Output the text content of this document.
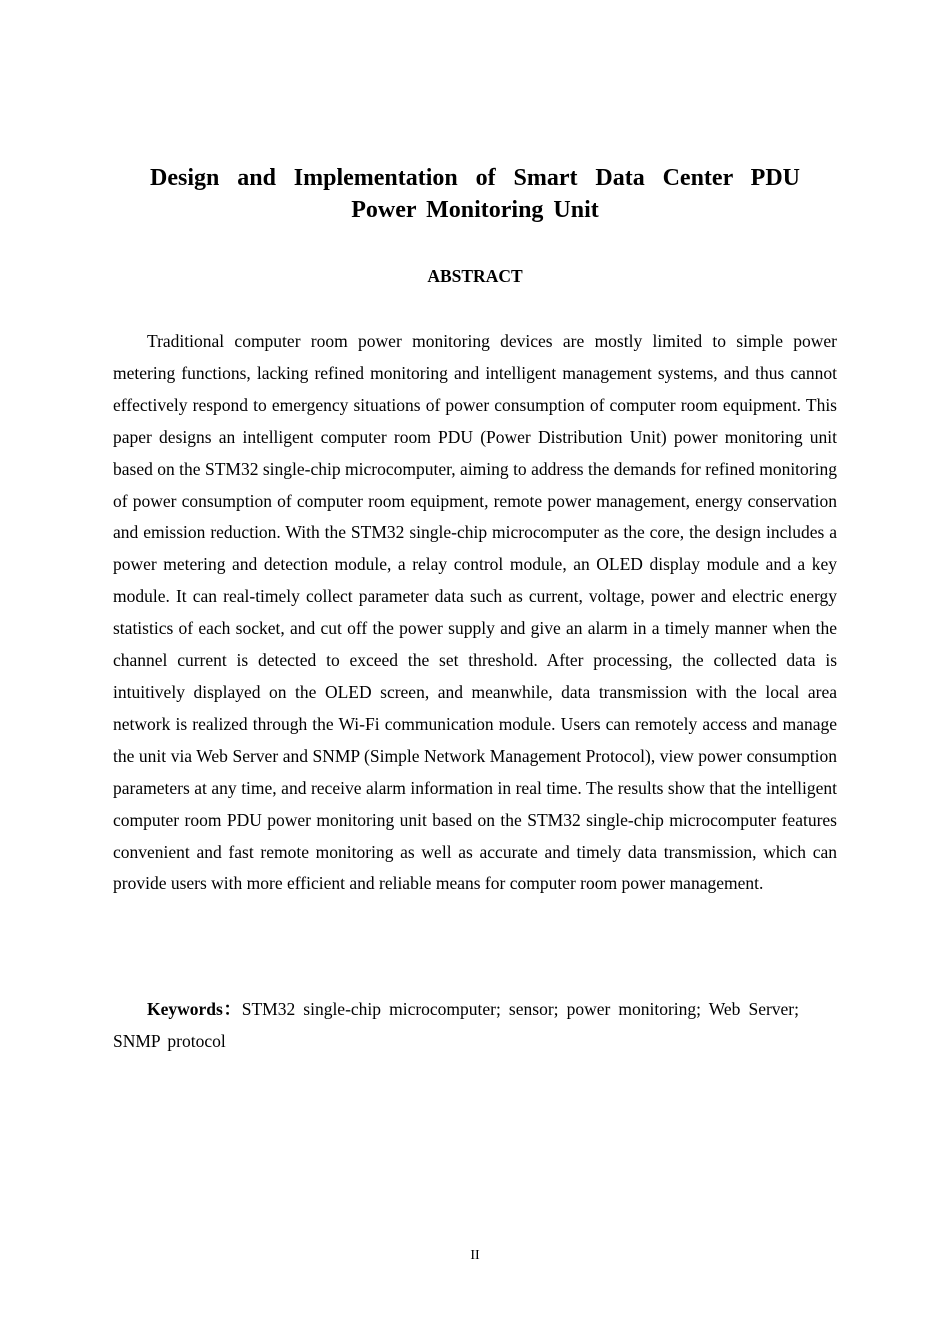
Design and Implementation of Smart Data Center PDU Power Monitoring Unit
ABSTRACT

Traditional computer room power monitoring devices are mostly limited to simple power metering functions, lacking refined monitoring and intelligent management systems, and thus cannot effectively respond to emergency situations of power consumption of computer room equipment. This paper designs an intelligent computer room PDU (Power Distribution Unit) power monitoring unit based on the STM32 single-chip microcomputer, aiming to address the demands for refined monitoring of power consumption of computer room equipment, remote power management, energy conservation and emission reduction. With the STM32 single-chip microcomputer as the core, the design includes a power metering and detection module, a relay control module, an OLED display module and a key module. It can real-timely collect parameter data such as current, voltage, power and electric energy statistics of each socket, and cut off the power supply and give an alarm in a timely manner when the channel current is detected to exceed the set threshold. After processing, the collected data is intuitively displayed on the OLED screen, and meanwhile, data transmission with the local area network is realized through the Wi-Fi communication module. Users can remotely access and manage the unit via Web Server and SNMP (Simple Network Management Protocol), view power consumption parameters at any time, and receive alarm information in real time. The results show that the intelligent computer room PDU power monitoring unit based on the STM32 single-chip microcomputer features convenient and fast remote monitoring as well as accurate and timely data transmission, which can provide users with more efficient and reliable means for computer room power management.

Keywords：STM32 single-chip microcomputer; sensor; power monitoring; Web Server; SNMP protocol

II
